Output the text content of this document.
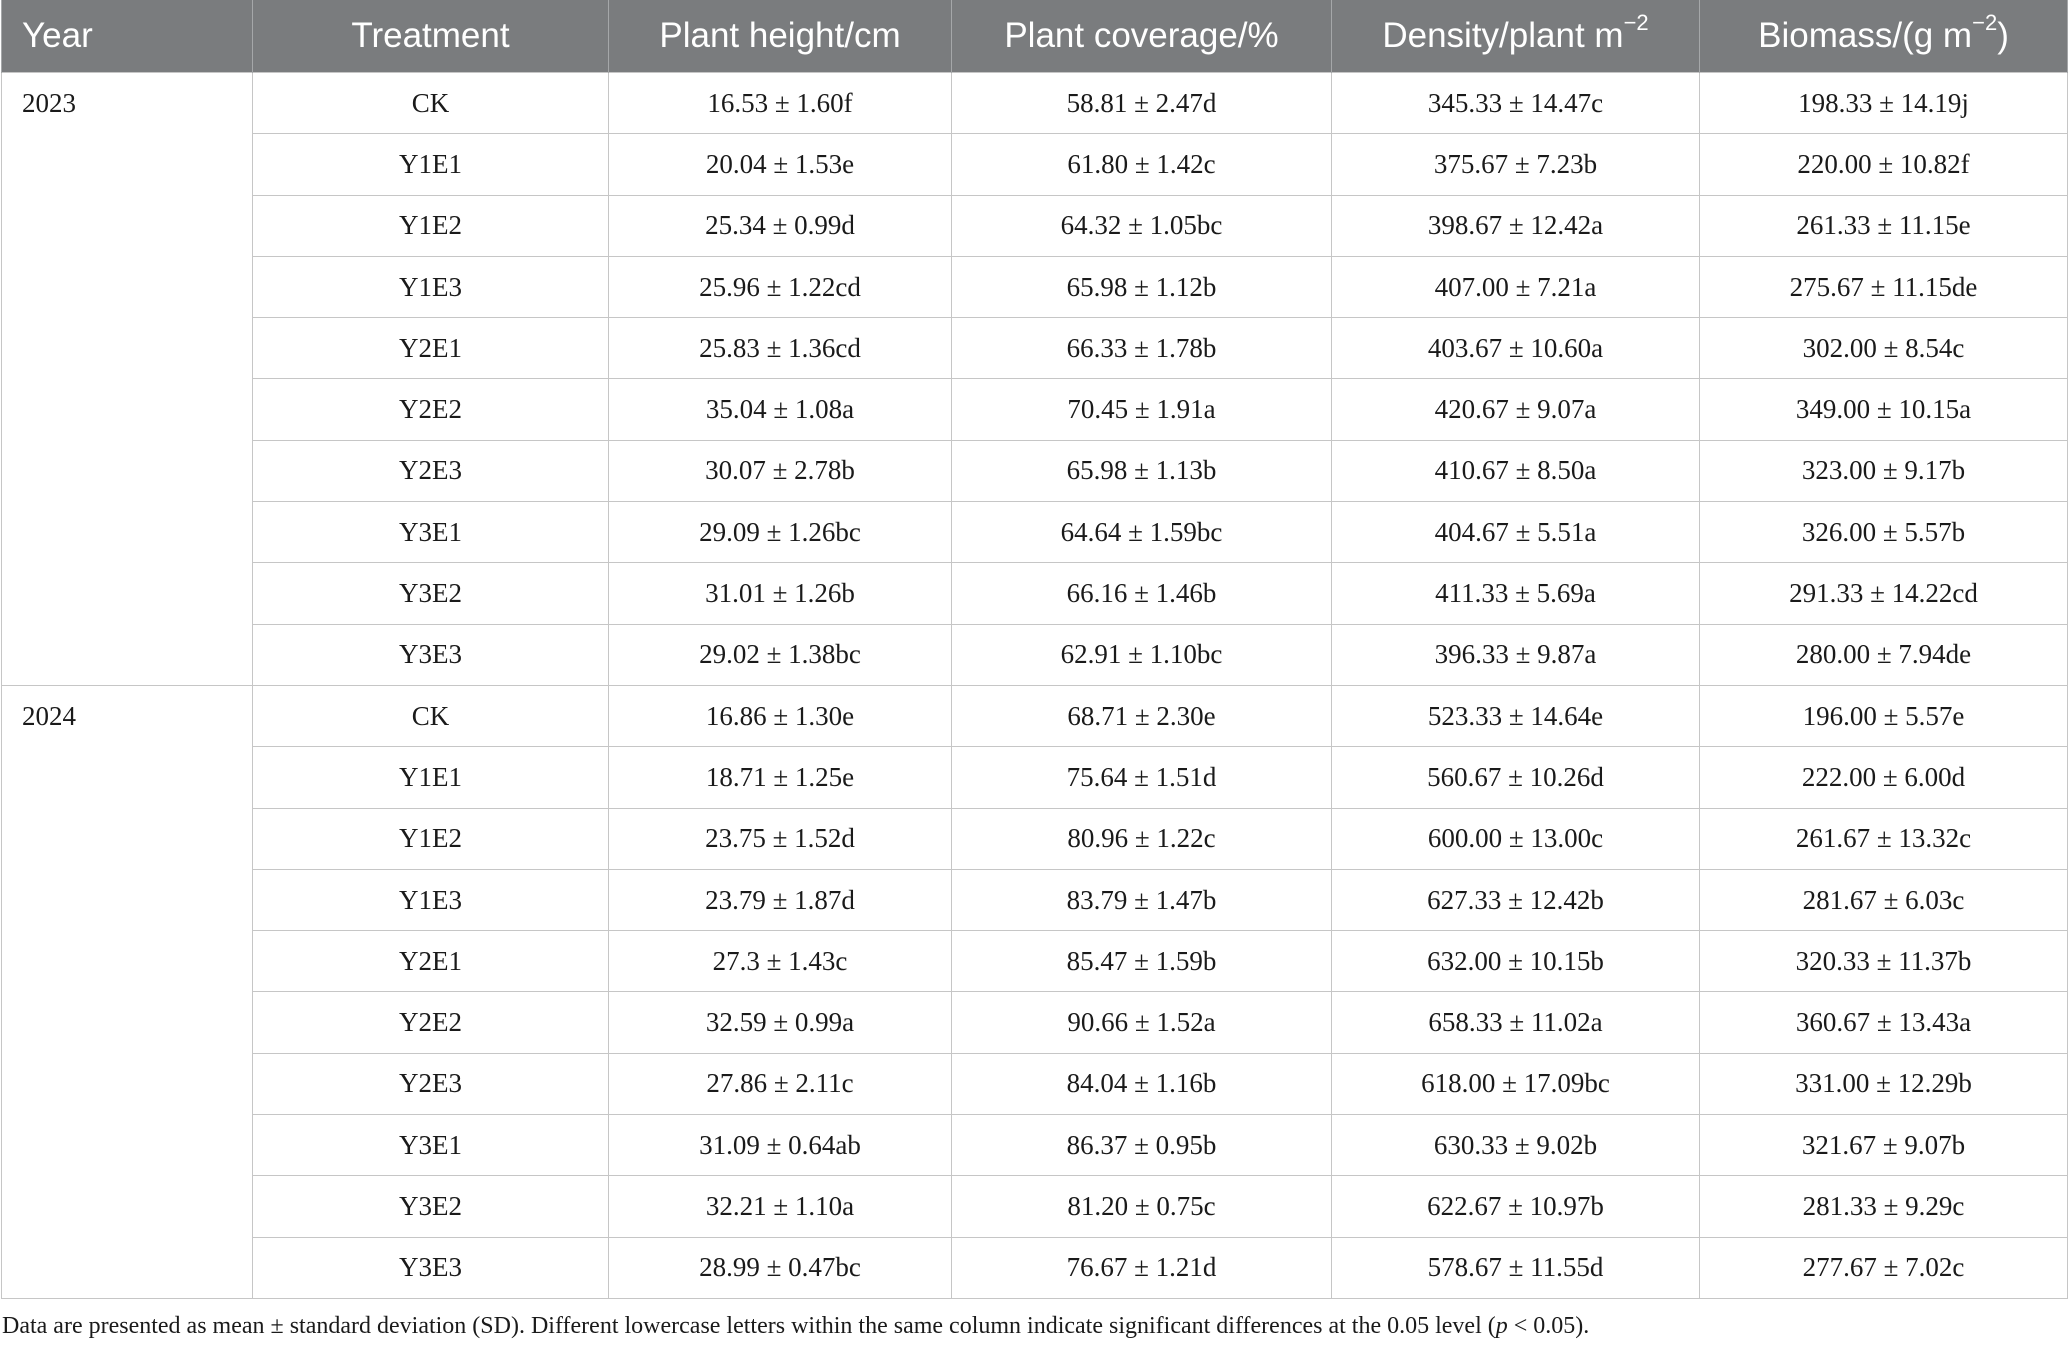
Year	Treatment	Plant height/cm	Plant coverage/%	Density/plant $m^{-2}$	Biomass/(g $m^{-2}$)
2023	CK	16.53 ± 1.60f	58.81 ± 2.47d	345.33 ± 14.47c	198.33 ± 14.19j
	Y1E1	20.04 ± 1.53e	61.80 ± 1.42c	375.67 ± 7.23b	220.00 ± 10.82f
	Y1E2	25.34 ± 0.99d	64.32 ± 1.05bc	398.67 ± 12.42a	261.33 ± 11.15e
	Y1E3	25.96 ± 1.22cd	65.98 ± 1.12b	407.00 ± 7.21a	275.67 ± 11.15de
	Y2E1	25.83 ± 1.36cd	66.33 ± 1.78b	403.67 ± 10.60a	302.00 ± 8.54c
	Y2E2	35.04 ± 1.08a	70.45 ± 1.91a	420.67 ± 9.07a	349.00 ± 10.15a
	Y2E3	30.07 ± 2.78b	65.98 ± 1.13b	410.67 ± 8.50a	323.00 ± 9.17b
	Y3E1	29.09 ± 1.26bc	64.64 ± 1.59bc	404.67 ± 5.51a	326.00 ± 5.57b
	Y3E2	31.01 ± 1.26b	66.16 ± 1.46b	411.33 ± 5.69a	291.33 ± 14.22cd
	Y3E3	29.02 ± 1.38bc	62.91 ± 1.10bc	396.33 ± 9.87a	280.00 ± 7.94de
2024	CK	16.86 ± 1.30e	68.71 ± 2.30e	523.33 ± 14.64e	196.00 ± 5.57e
	Y1E1	18.71 ± 1.25e	75.64 ± 1.51d	560.67 ± 10.26d	222.00 ± 6.00d
	Y1E2	23.75 ± 1.52d	80.96 ± 1.22c	600.00 ± 13.00c	261.67 ± 13.32c
	Y1E3	23.79 ± 1.87d	83.79 ± 1.47b	627.33 ± 12.42b	281.67 ± 6.03c
	Y2E1	27.3 ± 1.43c	85.47 ± 1.59b	632.00 ± 10.15b	320.33 ± 11.37b
	Y2E2	32.59 ± 0.99a	90.66 ± 1.52a	658.33 ± 11.02a	360.67 ± 13.43a
	Y2E3	27.86 ± 2.11c	84.04 ± 1.16b	618.00 ± 17.09bc	331.00 ± 12.29b
	Y3E1	31.09 ± 0.64ab	86.37 ± 0.95b	630.33 ± 9.02b	321.67 ± 9.07b
	Y3E2	32.21 ± 1.10a	81.20 ± 0.75c	622.67 ± 10.97b	281.33 ± 9.29c
	Y3E3	28.99 ± 0.47bc	76.67 ± 1.21d	578.67 ± 11.55d	277.67 ± 7.02c

Data are presented as mean ± standard deviation (SD). Different lowercase letters within the same column indicate significant differences at the 0.05 level (p < 0.05).
